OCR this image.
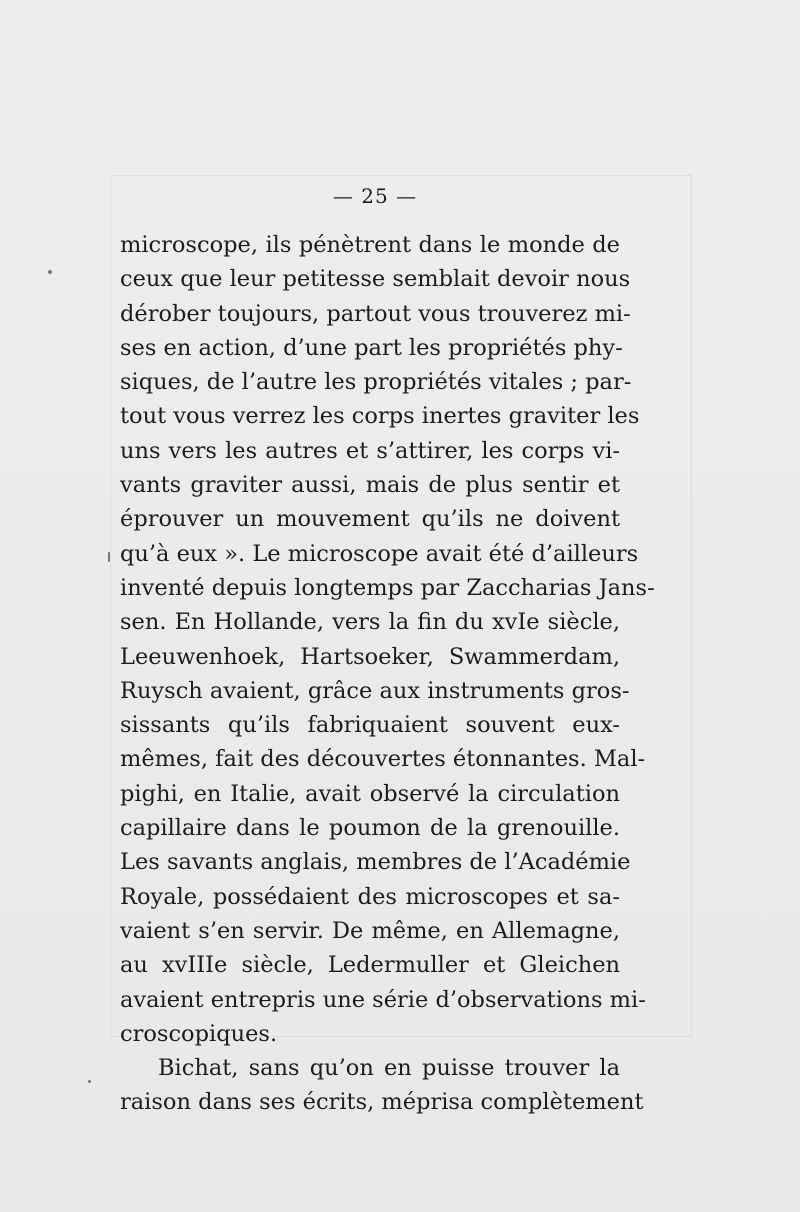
— 25 —
microscope, ils pénètrent dans le monde de
ceux que leur petitesse semblait devoir nous
dérober toujours, partout vous trouverez mi-
ses en action, d’une part les propriétés phy-
siques, de l’autre les propriétés vitales ; par-
tout vous verrez les corps inertes graviter les
uns vers les autres et s’attirer, les corps vi-
vants graviter aussi, mais de plus sentir et
éprouver un mouvement qu’ils ne doivent
qu’à eux ». Le microscope avait été d’ailleurs
inventé depuis longtemps par Zaccharias Jans-
sen. En Hollande, vers la fin du xvIe siècle,
Leeuwenhoek, Hartsoeker, Swammerdam,
Ruysch avaient, grâce aux instruments gros-
sissants qu’ils fabriquaient souvent eux-
mêmes, fait des découvertes étonnantes. Mal-
pighi, en Italie, avait observé la circulation
capillaire dans le poumon de la grenouille.
Les savants anglais, membres de l’Académie
Royale, possédaient des microscopes et sa-
vaient s’en servir. De même, en Allemagne,
au xvIIIe siècle, Ledermuller et Gleichen
avaient entrepris une série d’observations mi-
croscopiques.
Bichat, sans qu’on en puisse trouver la
raison dans ses écrits, méprisa complètement
